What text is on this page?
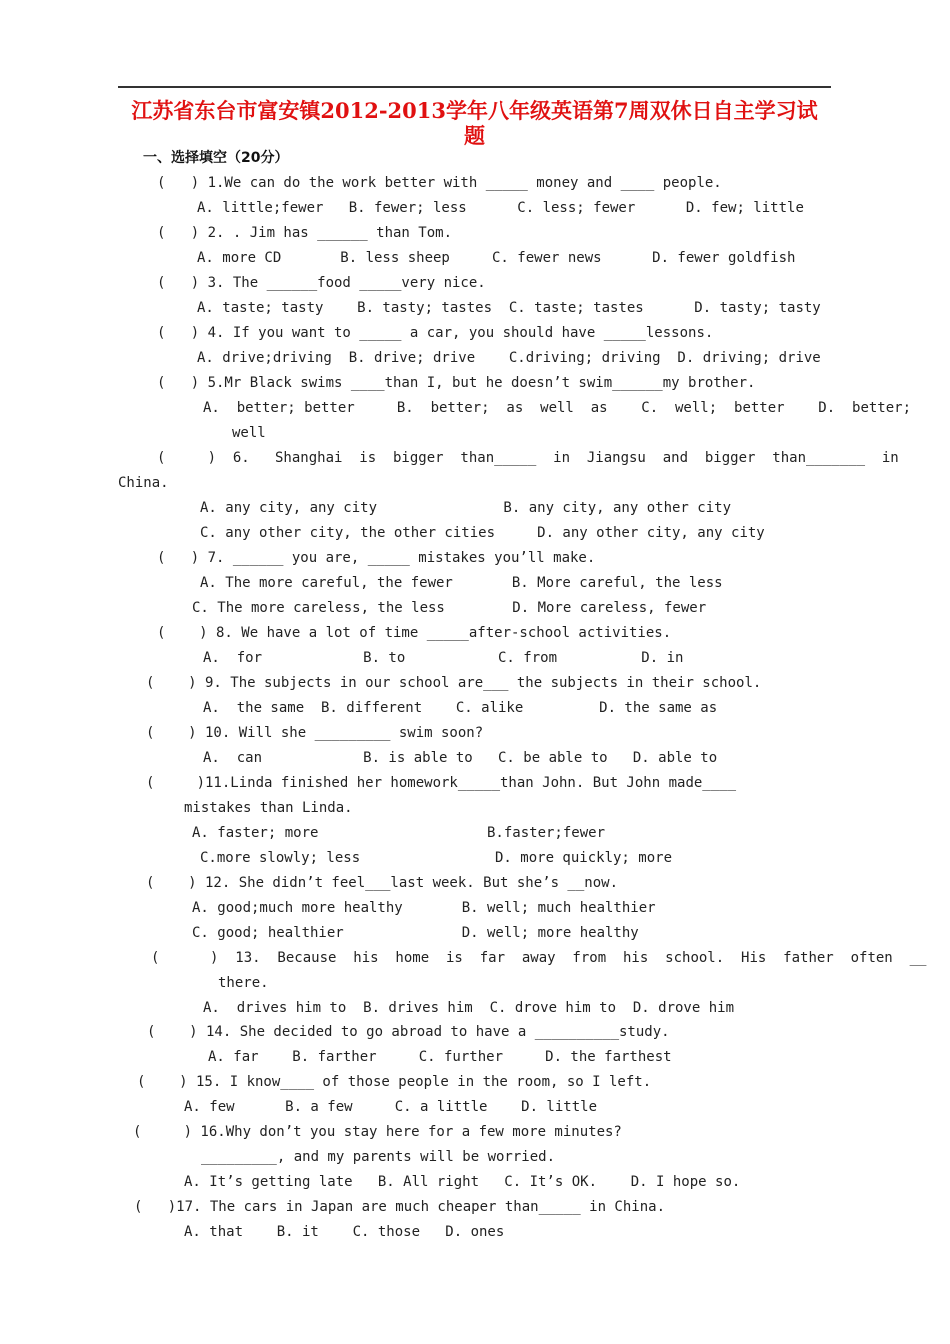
江苏省东台市富安镇2012-2013学年八年级英语第7周双休日自主学习试
题
一、选择填空（20分）
(   ) 1.We can do the work better with _____ money and ____ people.
A. little;fewer   B. fewer; less      C. less; fewer      D. few; little
(   ) 2. . Jim has ______ than Tom.
A. more CD       B. less sheep     C. fewer news      D. fewer goldfish
(   ) 3. The ______food _____very nice.
A. taste; tasty    B. tasty; tastes  C. taste; tastes      D. tasty; tasty
(   ) 4. If you want to _____ a car, you should have _____lessons.
A. drive;driving  B. drive; drive    C.driving; driving  D. driving; drive
(   ) 5.Mr Black swims ____than I, but he doesn’t swim______my brother.
A.  better; better     B.  better;  as  well  as    C.  well;  better    D.  better;
well
(     )  6.   Shanghai  is  bigger  than_____  in  Jiangsu  and  bigger  than_______  in
China.
A. any city, any city               B. any city, any other city
C. any other city, the other cities     D. any other city, any city
(   ) 7. ______ you are, _____ mistakes you’ll make.
A. The more careful, the fewer       B. More careful, the less
C. The more careless, the less        D. More careless, fewer
(    ) 8. We have a lot of time _____after-school activities.
A.  for            B. to           C. from          D. in
(    ) 9. The subjects in our school are___ the subjects in their school.
A.  the same  B. different    C. alike         D. the same as
(    ) 10. Will she _________ swim soon?
A.  can            B. is able to   C. be able to   D. able to
(     )11.Linda finished her homework_____than John. But John made____
mistakes than Linda.
A. faster; more                    B.faster;fewer
C.more slowly; less                D. more quickly; more
(    ) 12. She didn’t feel___last week. But she’s __now.
A. good;much more healthy       B. well; much healthier
C. good; healthier              D. well; more healthy
(      )  13.  Because  his  home  is  far  away  from  his  school.  His  father  often  __
there.
A.  drives him to  B. drives him  C. drove him to  D. drove him
(    ) 14. She decided to go abroad to have a __________study.
A. far    B. farther     C. further     D. the farthest
(    ) 15. I know____ of those people in the room, so I left.
A. few      B. a few     C. a little    D. little
(     ) 16.Why don’t you stay here for a few more minutes?
_________, and my parents will be worried.
A. It’s getting late   B. All right   C. It’s OK.    D. I hope so.
(   )17. The cars in Japan are much cheaper than_____ in China.
A. that    B. it    C. those   D. ones
